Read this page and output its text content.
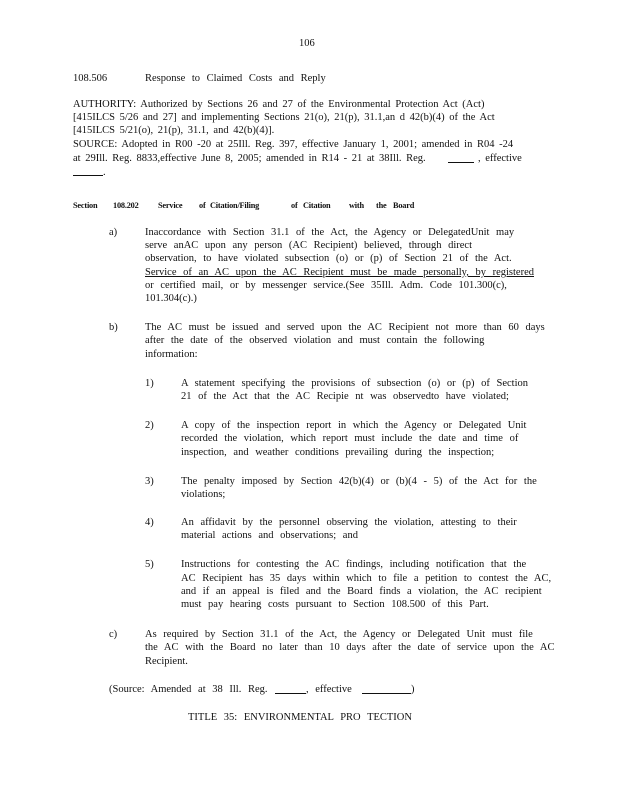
106
108.506	Response to Claimed Costs and Reply
AUTHORITY: Authorized by Sections 26 and 27 of the Environmental Protection Act (Act)
[415ILCS 5/26 and 27] and implementing Sections 21(o), 21(p), 31.1,an d 42(b)(4) of the Act
[415ILCS 5/21(o), 21(p), 31.1, and 42(b)(4)].
SOURCE: Adopted in R00 -20 at 25Ill. Reg. 397, effective January 1, 2001; amended in R04 -24
at 29Ill. Reg. 8833,effective June 8, 2005; amended in R14 - 21 at 38Ill. Reg.	, effective
.
Section 108.202 Service of Citation/Filing	of Citation with the Board
a)	Inaccordance with Section 31.1 of the Act, the Agency or DelegatedUnit may
serve anAC upon any person (AC Recipient) believed, through direct
observation, to have violated subsection (o) or (p) of Section 21 of the Act.
Service of an AC upon the AC Recipient must be made personally, by registered
or certified mail, or by messenger service.(See 35Ill. Adm. Code 101.300(c),
101.304(c).)
b)	The AC must be issued and served upon the AC Recipient not more than 60 days
after the date of the observed violation and must contain the following
information:
1)	A statement specifying the provisions of subsection (o) or (p) of Section
21 of the Act that the AC Recipie nt was observedto have violated;
2)	A copy of the inspection report in which the Agency or Delegated Unit
recorded the violation, which report must include the date and time of
inspection, and weather conditions prevailing during the inspection;
3)	The penalty imposed by Section 42(b)(4) or (b)(4 - 5) of the Act for the
violations;
4)	An affidavit by the personnel observing the violation, attesting to their
material actions and observations; and
5)	Instructions for contesting the AC findings, including notification that the
AC Recipient has 35 days within which to file a petition to contest the AC,
and if an appeal is filed and the Board finds a violation, the AC recipient
must pay hearing costs pursuant to Section 108.500 of this Part.
c)	As required by Section 31.1 of the Act, the Agency or Delegated Unit must file
the AC with the Board no later than 10 days after the date of service upon the AC
Recipient.
(Source: Amended at 38 Ill. Reg.	, effective	)
TITLE 35: ENVIRONMENTAL PRO TECTION
